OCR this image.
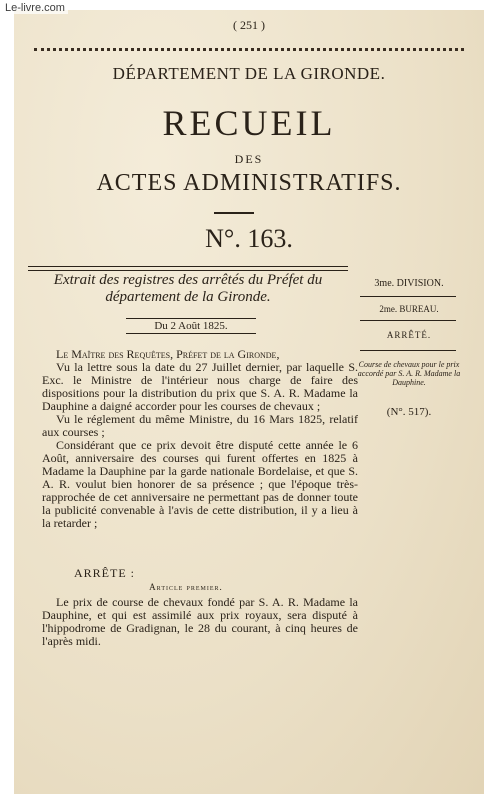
Le-livre.com
( 251 )
DÉPARTEMENT DE LA GIRONDE.
RECUEIL
DES
ACTES ADMINISTRATIFS.
N°. 163.
Extrait des registres des arrêtés du Préfet du département de la Gironde.
Du 2 Août 1825.
3me. DIVISION.
2me. BUREAU.
ARRÊTÉ.
Course de chevaux pour le prix accordé par S. A. R. Madame la Dauphine.
(N°. 517).

Le Maître des Requêtes, Préfet de la Gironde,

Vu la lettre sous la date du 27 Juillet dernier, par laquelle S. Exc. le Ministre de l'intérieur nous charge de faire des dispositions pour la distribution du prix que S. A. R. Madame la Dauphine a daigné accorder pour les courses de chevaux ;

Vu le réglement du même Ministre, du 16 Mars 1825, relatif aux courses ;

Considérant que ce prix devoit être disputé cette année le 6 Août, anniversaire des courses qui furent offertes en 1825 à Madame la Dauphine par la garde nationale Bordelaise, et que S. A. R. voulut bien honorer de sa présence ; que l'époque très-rapprochée de cet anniversaire ne permettant pas de donner toute la publicité convenable à l'avis de cette distribution, il y a lieu à la retarder ;

ARRÊTE :
Article premier.

Le prix de course de chevaux fondé par S. A. R. Madame la Dauphine, et qui est assimilé aux prix royaux, sera disputé à l'hippodrome de Gradignan, le 28 du courant, à cinq heures de l'après midi.
